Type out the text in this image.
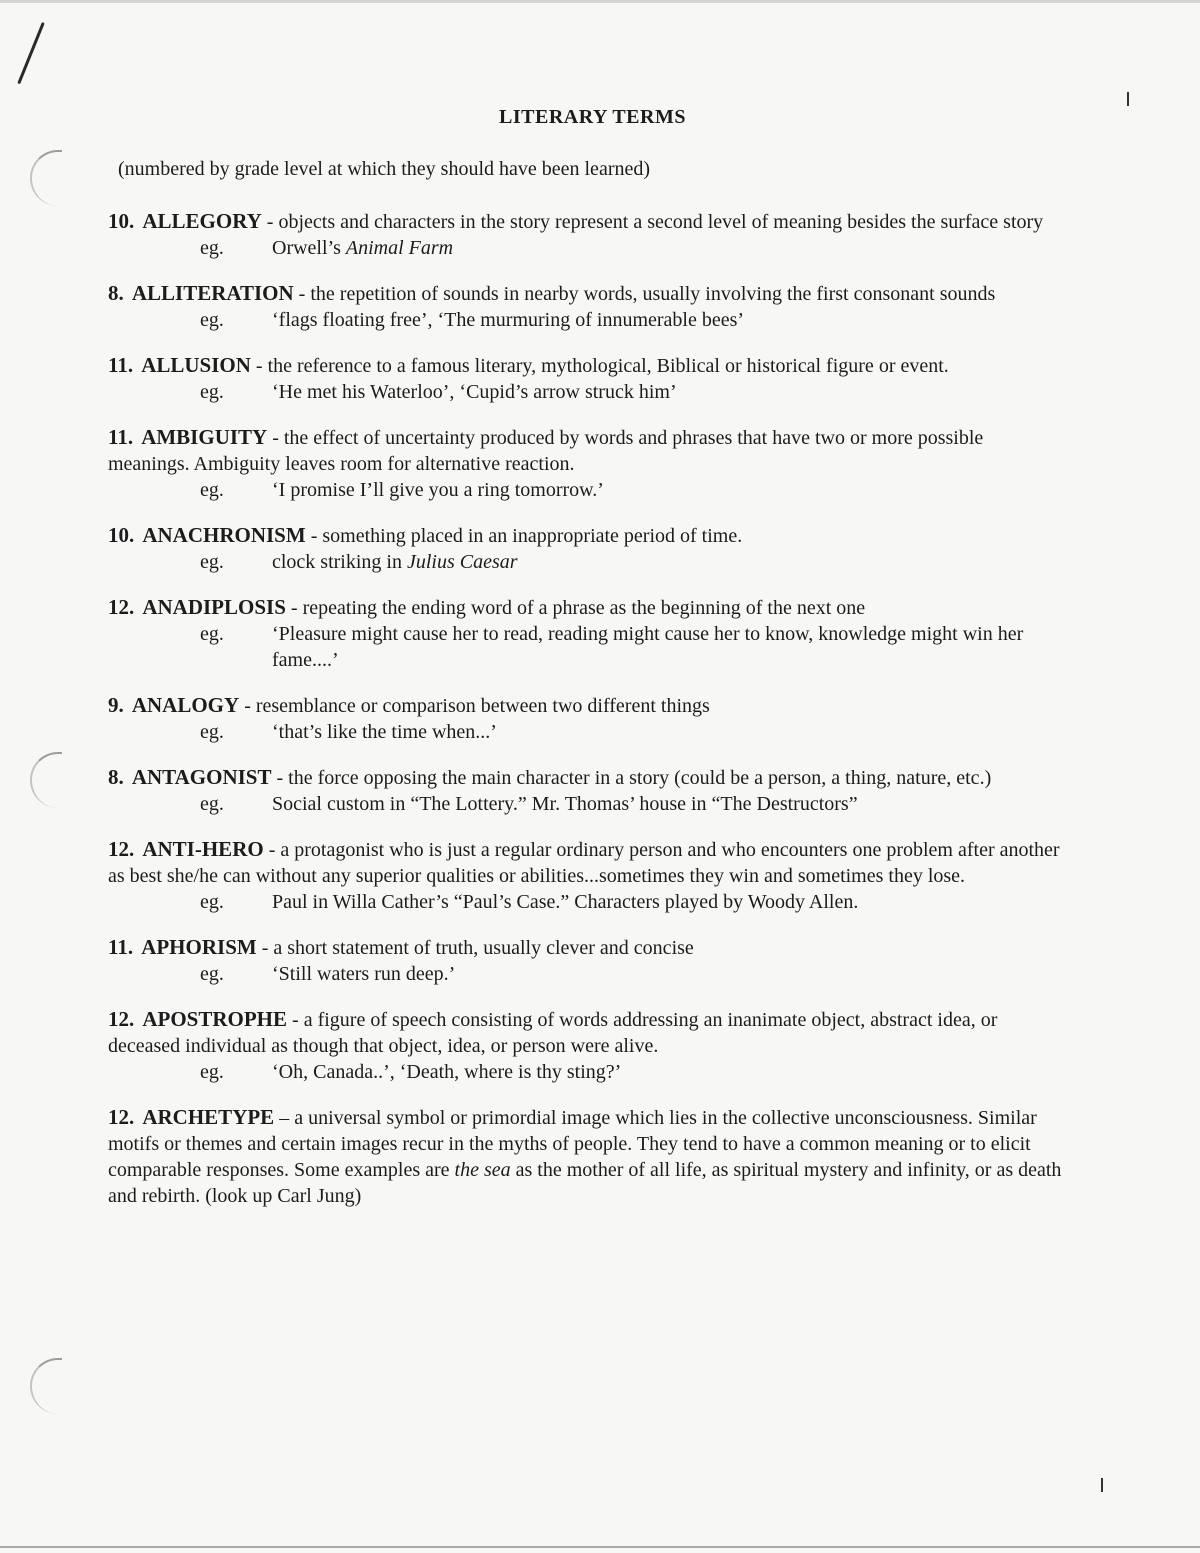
LITERARY TERMS
(numbered by grade level at which they should have been learned)
10. ALLEGORY - objects and characters in the story represent a second level of meaning besides the surface story
eg.	Orwell’s Animal Farm
8. ALLITERATION - the repetition of sounds in nearby words, usually involving the first consonant sounds
eg.	‘flags floating free’, ‘The murmuring of innumerable bees’
11. ALLUSION - the reference to a famous literary, mythological, Biblical or historical figure or event.
eg.	‘He met his Waterloo’, ‘Cupid’s arrow struck him’
11. AMBIGUITY - the effect of uncertainty produced by words and phrases that have two or more possible meanings. Ambiguity leaves room for alternative reaction.
eg.	‘I promise I’ll give you a ring tomorrow.’
10. ANACHRONISM - something placed in an inappropriate period of time.
eg.	clock striking in Julius Caesar
12. ANADIPLOSIS - repeating the ending word of a phrase as the beginning of the next one
eg.	‘Pleasure might cause her to read, reading might cause her to know, knowledge might win her fame....’
9. ANALOGY - resemblance or comparison between two different things
eg.	‘that’s like the time when...’
8. ANTAGONIST - the force opposing the main character in a story (could be a person, a thing, nature, etc.)
eg.	Social custom in “The Lottery.” Mr. Thomas’ house in “The Destructors”
12. ANTI-HERO - a protagonist who is just a regular ordinary person and who encounters one problem after another as best she/he can without any superior qualities or abilities...sometimes they win and sometimes they lose.
eg.	Paul in Willa Cather’s “Paul’s Case.” Characters played by Woody Allen.
11. APHORISM - a short statement of truth, usually clever and concise
eg.	‘Still waters run deep.’
12. APOSTROPHE - a figure of speech consisting of words addressing an inanimate object, abstract idea, or deceased individual as though that object, idea, or person were alive.
eg.	‘Oh, Canada..’, ‘Death, where is thy sting?’
12. ARCHETYPE – a universal symbol or primordial image which lies in the collective unconsciousness. Similar motifs or themes and certain images recur in the myths of people. They tend to have a common meaning or to elicit comparable responses. Some examples are the sea as the mother of all life, as spiritual mystery and infinity, or as death and rebirth. (look up Carl Jung)
